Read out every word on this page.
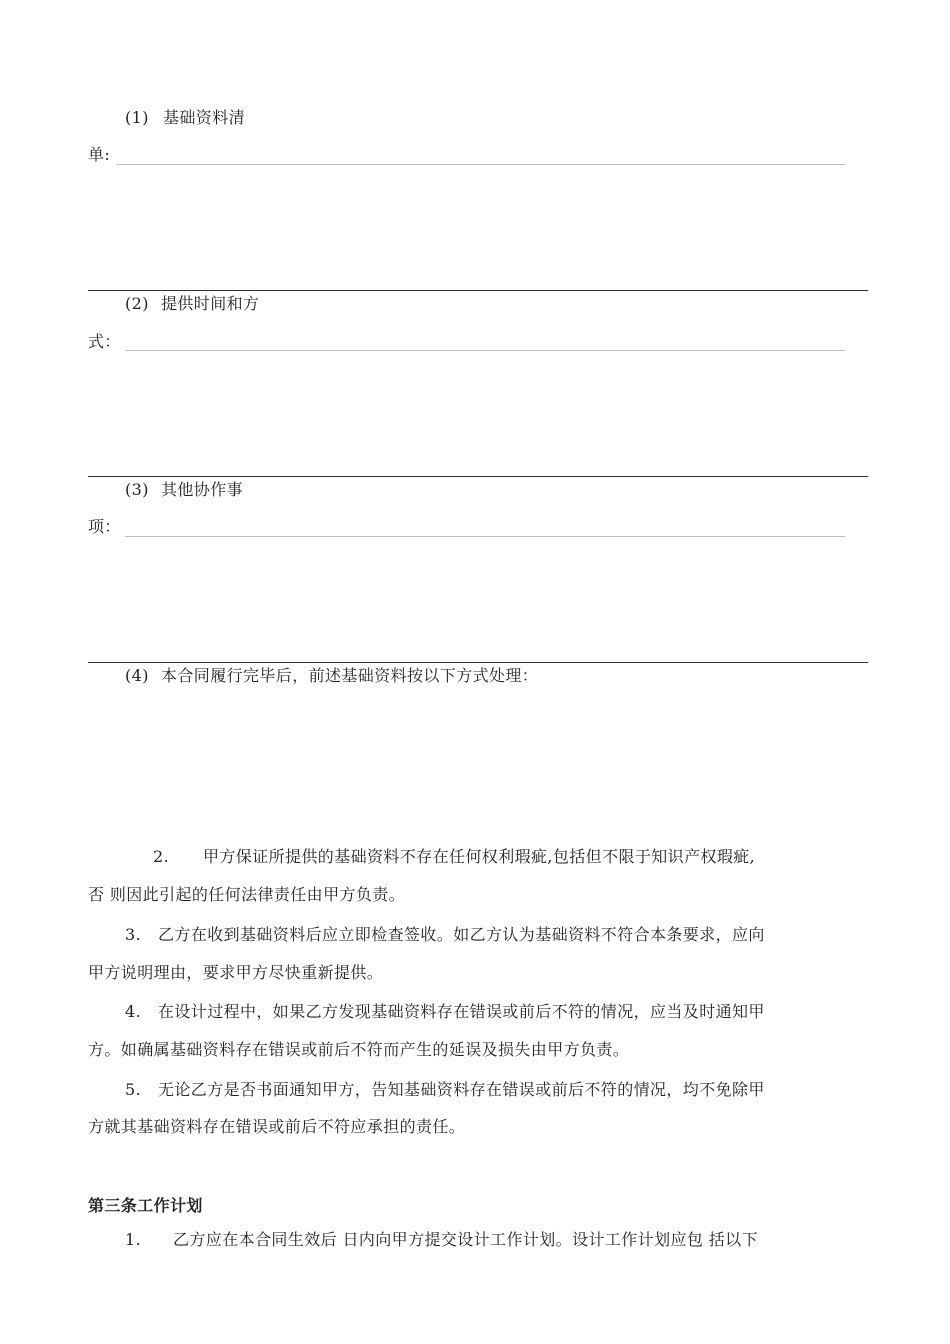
(1) 基础资料清
单:
(2) 提供时间和方
式：
(3) 其他协作事
项：
(4) 本合同履行完毕后，前述基础资料按以下方式处理：
2. 甲方保证所提供的基础资料不存在任何权利瑕疵,包括但不限于知识产权瑕疵,
否 则因此引起的任何法律责任由甲方负责。
3. 乙方在收到基础资料后应立即检查签收。如乙方认为基础资料不符合本条要求，应向
甲方说明理由，要求甲方尽快重新提供。
4. 在设计过程中，如果乙方发现基础资料存在错误或前后不符的情况，应当及时通知甲
方。如确属基础资料存在错误或前后不符而产生的延误及损失由甲方负责。
5. 无论乙方是否书面通知甲方，告知基础资料存在错误或前后不符的情况，均不免除甲
方就其基础资料存在错误或前后不符应承担的责任。
第三条工作计划
1. 乙方应在本合同生效后 日内向甲方提交设计工作计划。设计工作计划应包 括以下
